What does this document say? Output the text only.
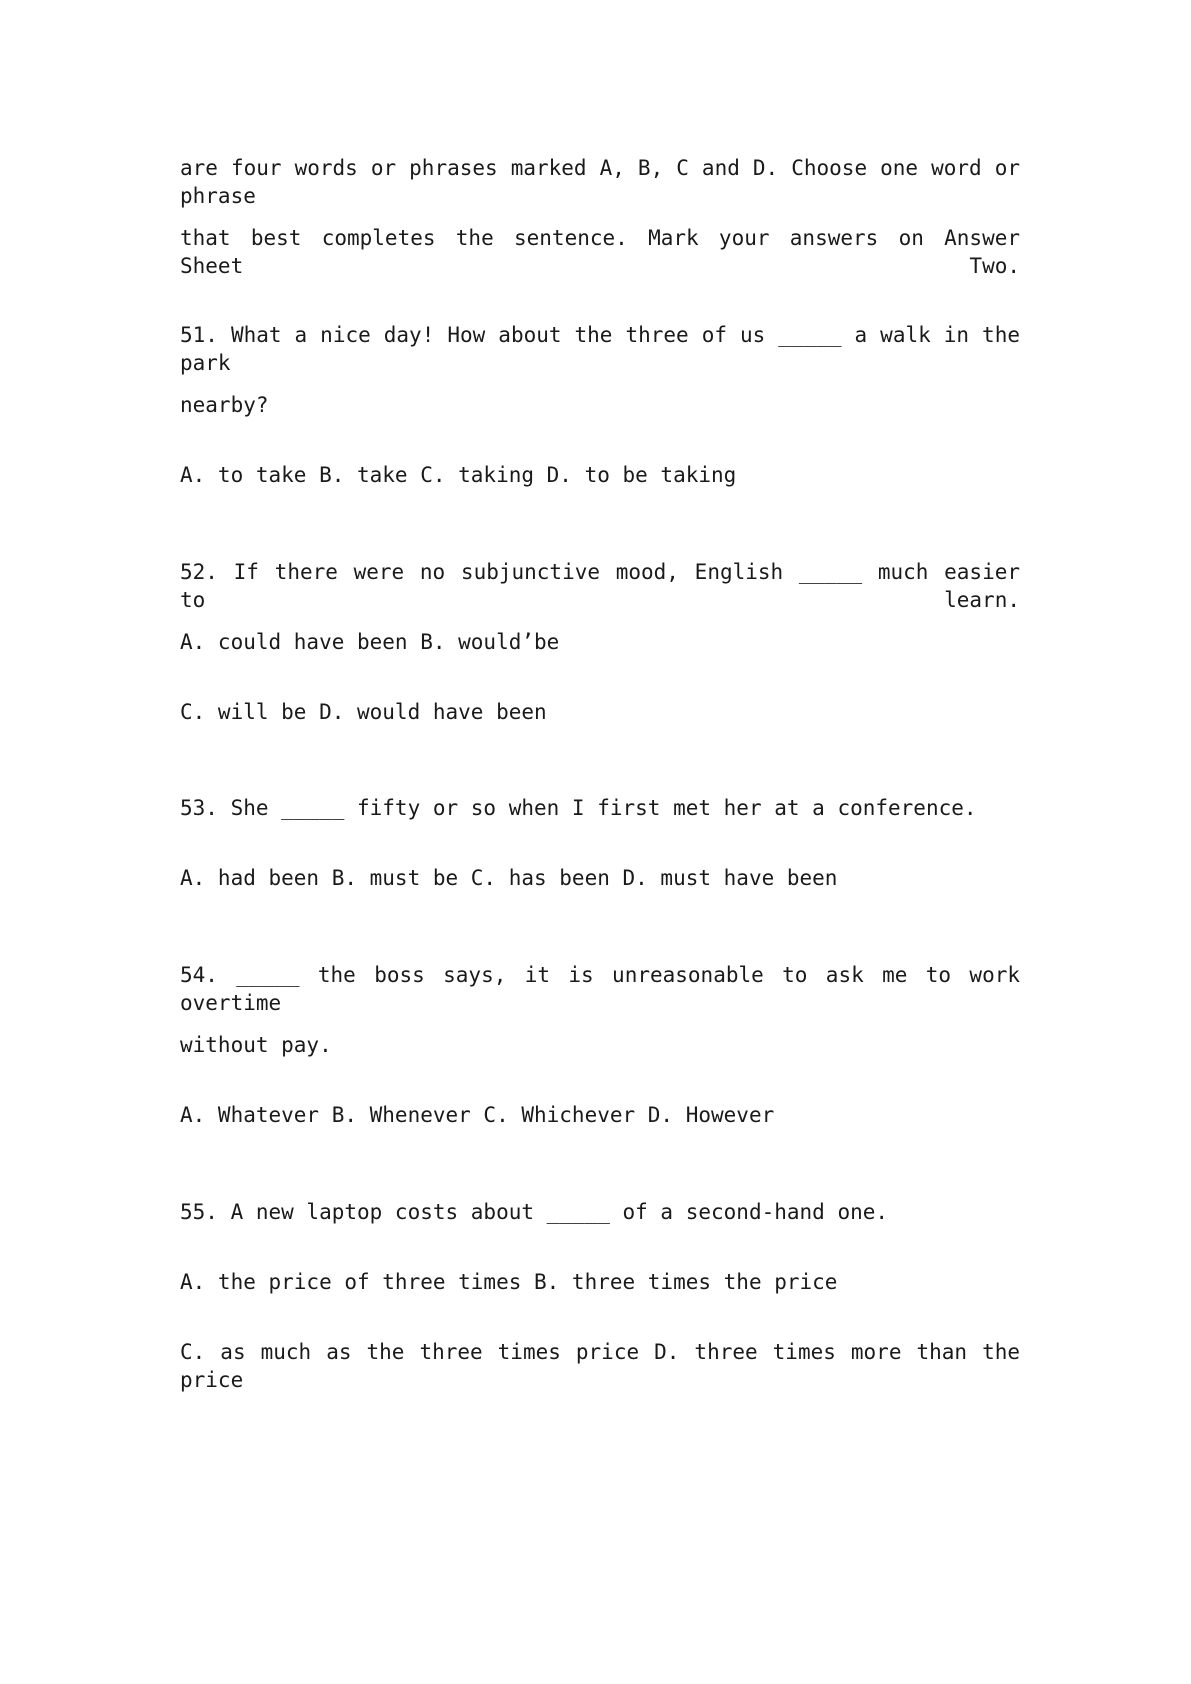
are four words or phrases marked A, B, C and D. Choose one word or phrase
that best completes the sentence. Mark your answers on Answer Sheet Two.
51. What a nice day! How about the three of us _____ a walk in the park
nearby?
A. to take B. take C. taking D. to be taking
52. If there were no subjunctive mood, English _____ much easier to learn.
A. could have been B. would’be
C. will be D. would have been
53. She _____ fifty or so when I first met her at a conference.
A. had been B. must be C. has been D. must have been
54. _____ the boss says, it is unreasonable to ask me to work overtime
without pay.
A. Whatever B. Whenever C. Whichever D. However
55. A new laptop costs about _____ of a second-hand one.
A. the price of three times B. three times the price
C. as much as the three times price D. three times more than the price
